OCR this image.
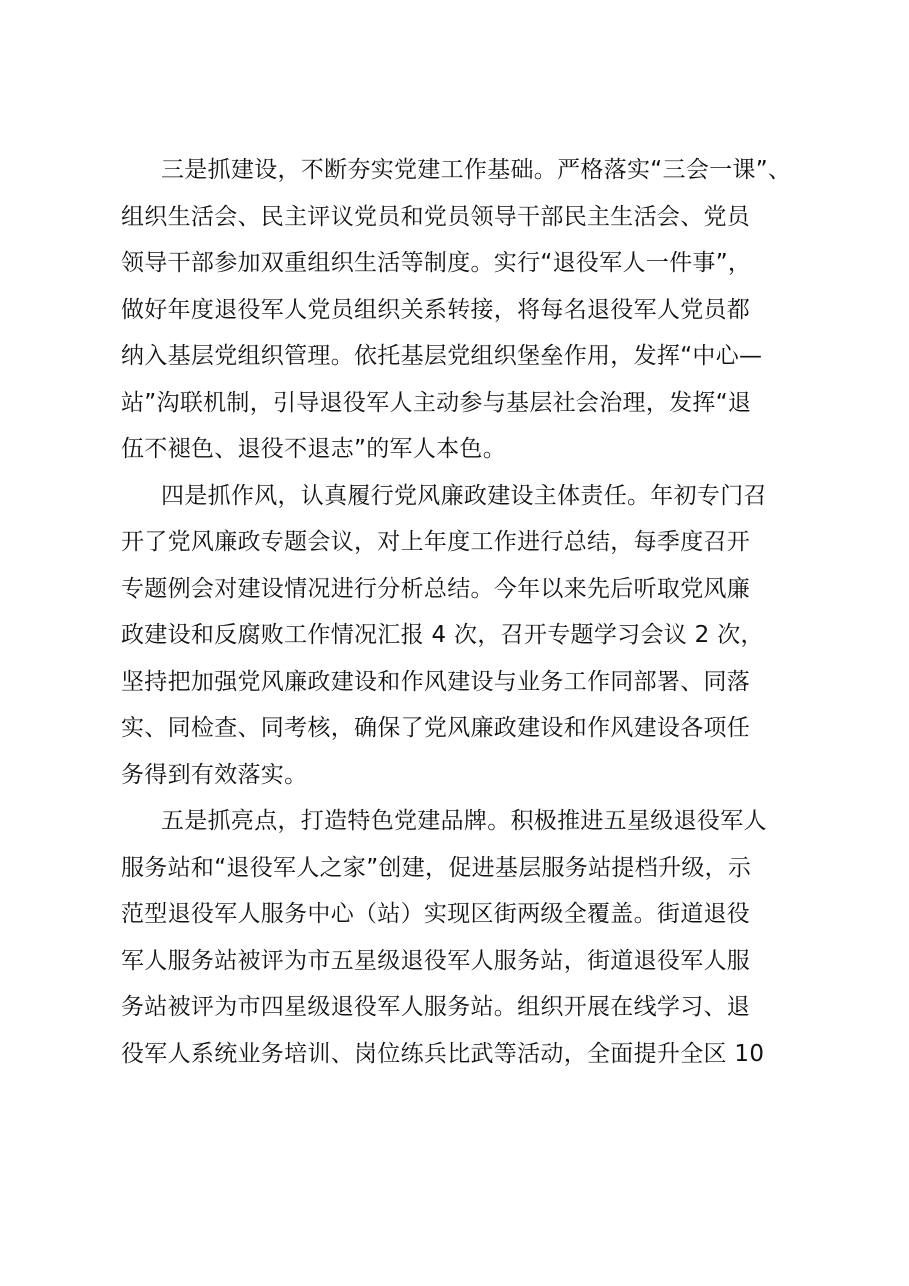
三是抓建设，不断夯实党建工作基础。严格落实“三会一课”、
组织生活会、民主评议党员和党员领导干部民主生活会、党员
领导干部参加双重组织生活等制度。实行“退役军人一件事”，
做好年度退役军人党员组织关系转接，将每名退役军人党员都
纳入基层党组织管理。依托基层党组织堡垒作用，发挥“中心—
站”沟联机制，引导退役军人主动参与基层社会治理，发挥“退
伍不褪色、退役不退志”的军人本色。
四是抓作风，认真履行党风廉政建设主体责任。年初专门召
开了党风廉政专题会议，对上年度工作进行总结，每季度召开
专题例会对建设情况进行分析总结。今年以来先后听取党风廉
政建设和反腐败工作情况汇报 4 次，召开专题学习会议 2 次，
坚持把加强党风廉政建设和作风建设与业务工作同部署、同落
实、同检查、同考核，确保了党风廉政建设和作风建设各项任
务得到有效落实。
五是抓亮点，打造特色党建品牌。积极推进五星级退役军人
服务站和“退役军人之家”创建，促进基层服务站提档升级，示
范型退役军人服务中心（站）实现区街两级全覆盖。街道退役
军人服务站被评为市五星级退役军人服务站，街道退役军人服
务站被评为市四星级退役军人服务站。组织开展在线学习、退
役军人系统业务培训、岗位练兵比武等活动，全面提升全区 10
